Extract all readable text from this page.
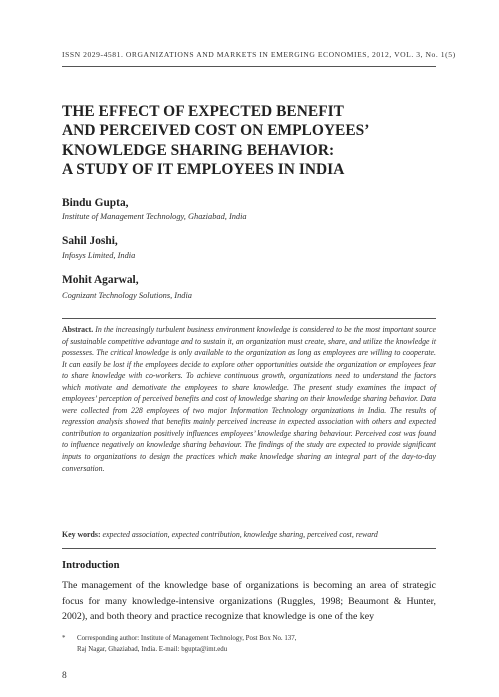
ISSN 2029-4581. ORGANIZATIONS AND MARKETS IN EMERGING ECONOMIES, 2012, VOL. 3, No. 1(5)
THE EFFECT OF EXPECTED BENEFIT
AND PERCEIVED COST ON EMPLOYEES’
KNOWLEDGE SHARING BEHAVIOR:
A STUDY OF IT EMPLOYEES IN INDIA
Bindu Gupta,
Institute of Management Technology, Ghaziabad, India
Sahil Joshi,
Infosys Limited, India
Mohit Agarwal,
Cognizant Technology Solutions, India
Abstract. In the increasingly turbulent business environment knowledge is considered to be the most important source of sustainable competitive advantage and to sustain it, an organization must create, share, and utilize the knowledge it possesses. The critical knowledge is only available to the organization as long as employees are willing to cooperate. It can easily be lost if the employees decide to explore other opportunities outside the organization or employees fear to share knowledge with co-workers. To achieve continuous growth, organizations need to understand the factors which motivate and demotivate the employees to share knowledge. The present study examines the impact of employees’ perception of perceived benefits and cost of knowledge sharing on their knowledge sharing behavior. Data were collected from 228 employees of two major Information Technology organizations in India. The results of regression analysis showed that benefits mainly perceived increase in expected association with others and expected contribution to organization positively influences employees’ knowledge sharing behaviour. Perceived cost was found to influence negatively on knowledge sharing behaviour. The findings of the study are expected to provide significant inputs to organizations to design the practices which make knowledge sharing an integral part of the day-to-day conversation.
Key words: expected association, expected contribution, knowledge sharing, perceived cost, reward
Introduction
The management of the knowledge base of organizations is becoming an area of strategic focus for many knowledge-intensive organizations (Ruggles, 1998; Beaumont & Hunter, 2002), and both theory and practice recognize that knowledge is one of the key
* Corresponding author: Institute of Management Technology, Post Box No. 137,
Raj Nagar, Ghaziabad, India. E-mail: bgupta@imt.edu
8
